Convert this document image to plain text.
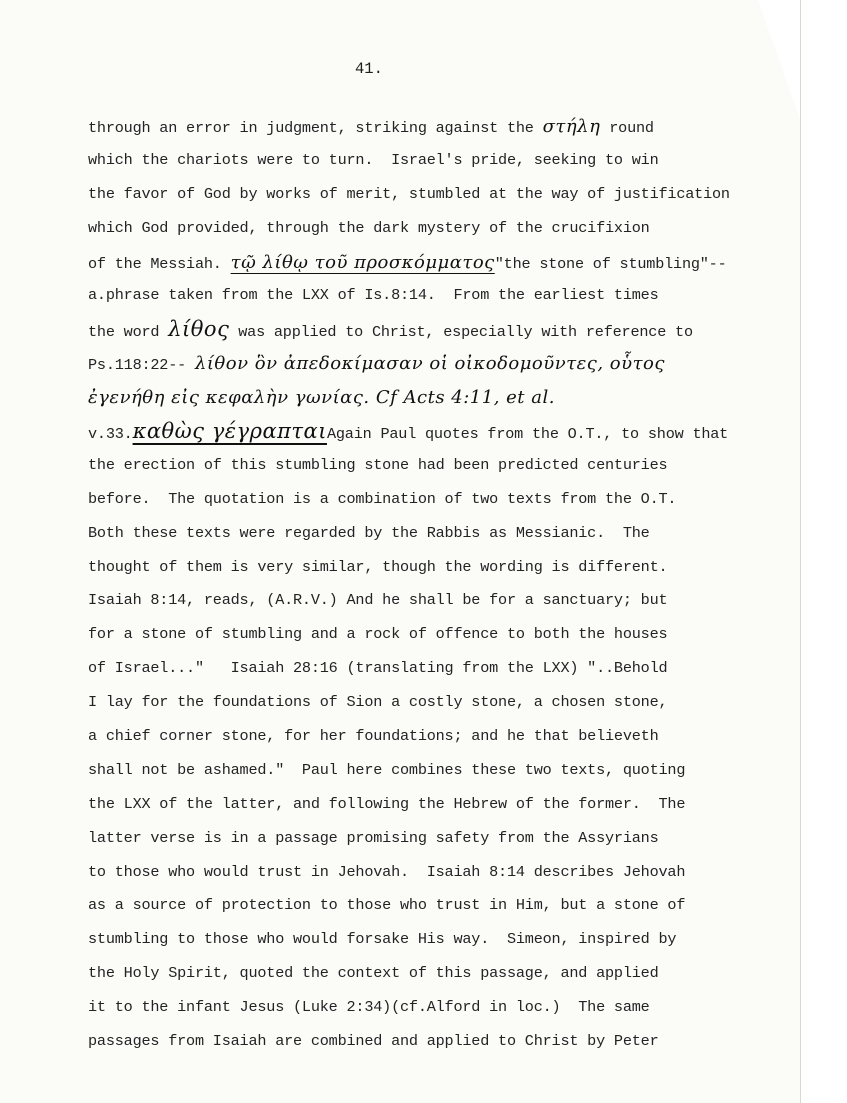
41.
through an error in judgment, striking against the στήλη round
which the chariots were to turn.  Israel's pride, seeking to win
the favor of God by works of merit, stumbled at the way of justification
which God provided, through the dark mystery of the crucifixion
of the Messiah. τῷ λίθῳ τοῦ προσκόμματος"the stone of stumbling"--
a.phrase taken from the LXX of Is.8:14.  From the earliest times
the word λίθος was applied to Christ, especially with reference to
Ps.118:22-- λίθον ὃν ἀπεδοκίμασαν οἱ οἰκοδομοῦντες, οὗτος
ἐγενήθη εἰς κεφαλὴν γωνίας. Cf Acts 4:11, et al.
v.33.καθὼς γέγραπταιAgain Paul quotes from the O.T., to show that
the erection of this stumbling stone had been predicted centuries
before.  The quotation is a combination of two texts from the O.T.
Both these texts were regarded by the Rabbis as Messianic.  The
thought of them is very similar, though the wording is different.
Isaiah 8:14, reads, (A.R.V.) And he shall be for a sanctuary; but
for a stone of stumbling and a rock of offence to both the houses
of Israel..."   Isaiah 28:16 (translating from the LXX) "..Behold
I lay for the foundations of Sion a costly stone, a chosen stone,
a chief corner stone, for her foundations; and he that believeth
shall not be ashamed."  Paul here combines these two texts, quoting
the LXX of the latter, and following the Hebrew of the former.  The
latter verse is in a passage promising safety from the Assyrians
to those who would trust in Jehovah.  Isaiah 8:14 describes Jehovah
as a source of protection to those who trust in Him, but a stone of
stumbling to those who would forsake His way.  Simeon, inspired by
the Holy Spirit, quoted the context of this passage, and applied
it to the infant Jesus (Luke 2:34)(cf.Alford in loc.)  The same
passages from Isaiah are combined and applied to Christ by Peter
